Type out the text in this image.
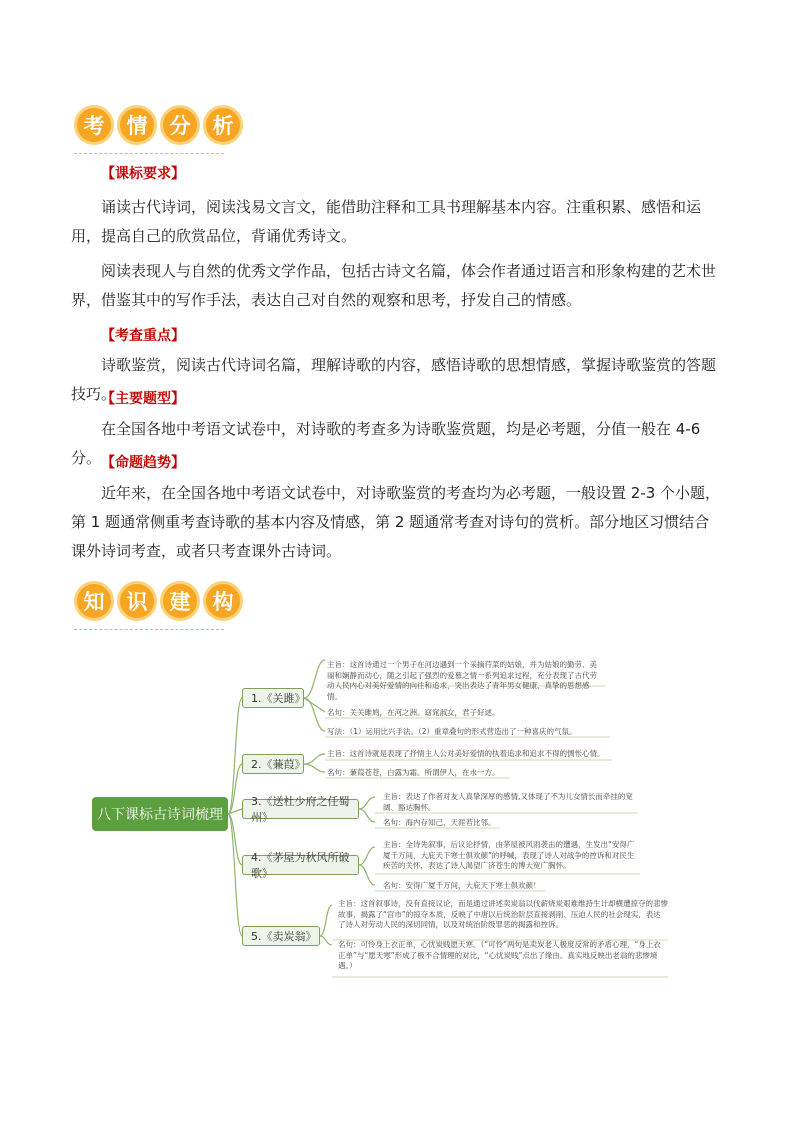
考	情	分	析
【课标要求】
诵读古代诗词，阅读浅易文言文，能借助注释和工具书理解基本内容。注重积累、感悟和运用，提高自己的欣赏品位，背诵优秀诗文。
阅读表现人与自然的优秀文学作品，包括古诗文名篇，体会作者通过语言和形象构建的艺术世界，借鉴其中的写作手法，表达自己对自然的观察和思考，抒发自己的情感。
【考查重点】
诗歌鉴赏，阅读古代诗词名篇，理解诗歌的内容，感悟诗歌的思想情感，掌握诗歌鉴赏的答题技巧。
【主要题型】
在全国各地中考语文试卷中，对诗歌的考查多为诗歌鉴赏题，均是必考题，分值一般在 4-6 分。 【命题趋势】
近年来，在全国各地中考语文试卷中，对诗歌鉴赏的考查均为必考题，一般设置 2-3 个小题，第 1 题通常侧重考查诗歌的基本内容及情感，第 2 题通常考查对诗句的赏析。部分地区习惯结合课外诗词考查，或者只考查课外古诗词。
知	识	建	构
八下课标古诗词梳理
1.《关雎》
2.《蒹葭》
3.《送杜少府之任蜀州》
4.《茅屋为秋风所破歌》
5.《卖炭翁》
主旨：这首诗通过一个男子在河边遇到一个采摘荇菜的姑娘，并为姑娘的勤劳、美丽和娴静而动心，随之引起了强烈的爱慕之情一系列追求过程，充分表现了古代劳动人民内心对美好爱情的向往和追求，突出表达了青年男女健康、真挚的思想感情。
名句：关关雎鸠，在河之洲。窈窕淑女，君子好逑。
写法：（1）运用比兴手法。（2）重章叠句的形式营造出了一种喜庆的气氛。
主旨：这首诗就是表现了抒情主人公对美好爱情的执着追求和追求不得的惆怅心情。
名句：蒹葭苍苍，白露为霜。所谓伊人，在水一方。
主旨：表达了作者对友人真挚深厚的感情,又体现了不为儿女情长而牵挂的宽阔、豁达胸怀。
名句：海内存知己，天涯若比邻。
主旨：全诗先叙事，后议论抒情，由茅屋被风雨袭击的遭遇，生发出“安得广厦千万间，大庇天下寒士俱欢颜”的呼喊，表现了诗人对战争的控诉和对民生疾苦的关怀，表达了诗人渴望广济苍生的博大宽广胸怀。
名句：安得广厦千万间，大庇天下寒士俱欢颜！
主旨：这首叙事诗，没有直接议论，而是通过讲述卖炭翁以伐薪烧炭艰难维持生计却横遭掠夺的悲惨故事，揭露了“宫市”的掠夺本质，反映了中唐以后统治阶层直接剥削、压迫人民的社会现实，表达了诗人对劳动人民的深切同情，以及对统治阶级罪恶的揭露和控诉。
名句：可怜身上衣正单，心忧炭贱愿天寒。（“可怜”两句是卖炭老人极度反常的矛盾心理，“身上衣正单”与“愿天寒”形成了极不合情理的对比，“心忧炭贱”点出了缘由。真实地反映出老翁的悲惨境遇。）
